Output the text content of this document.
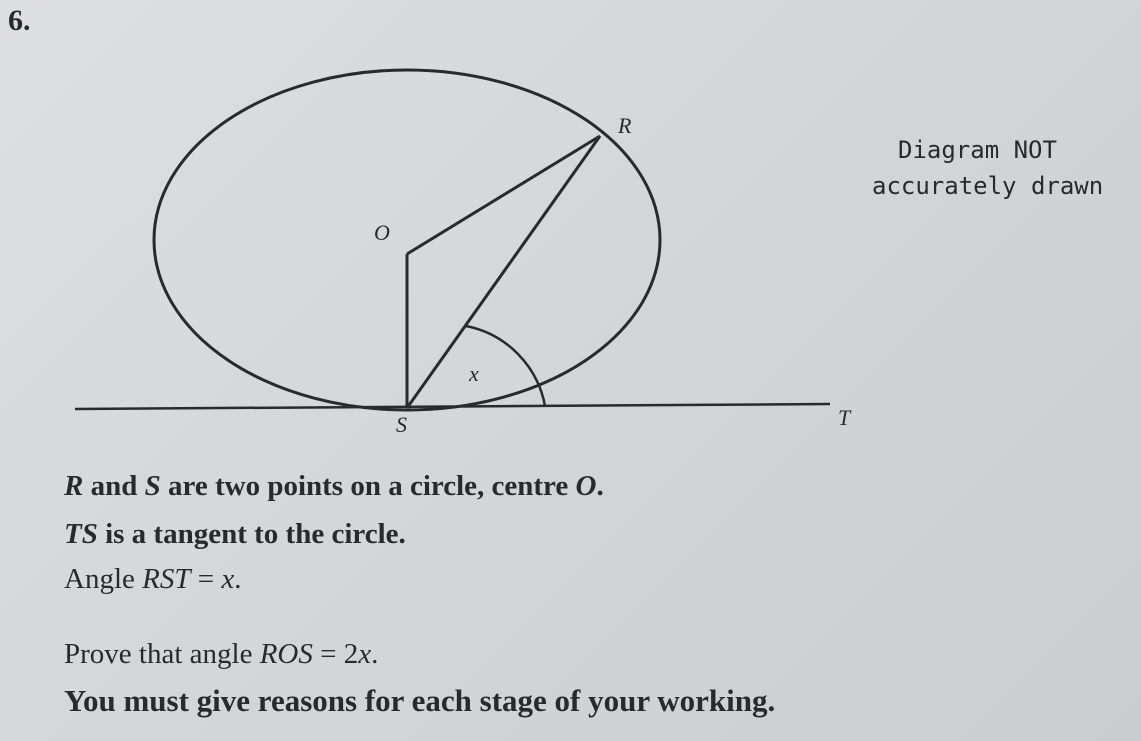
6.
R
O
S	T
x
Diagram NOT
accurately drawn
R and S are two points on a circle, centre O.
TS is a tangent to the circle.
Angle RST = x.
Prove that angle ROS = 2x.
You must give reasons for each stage of your working.
